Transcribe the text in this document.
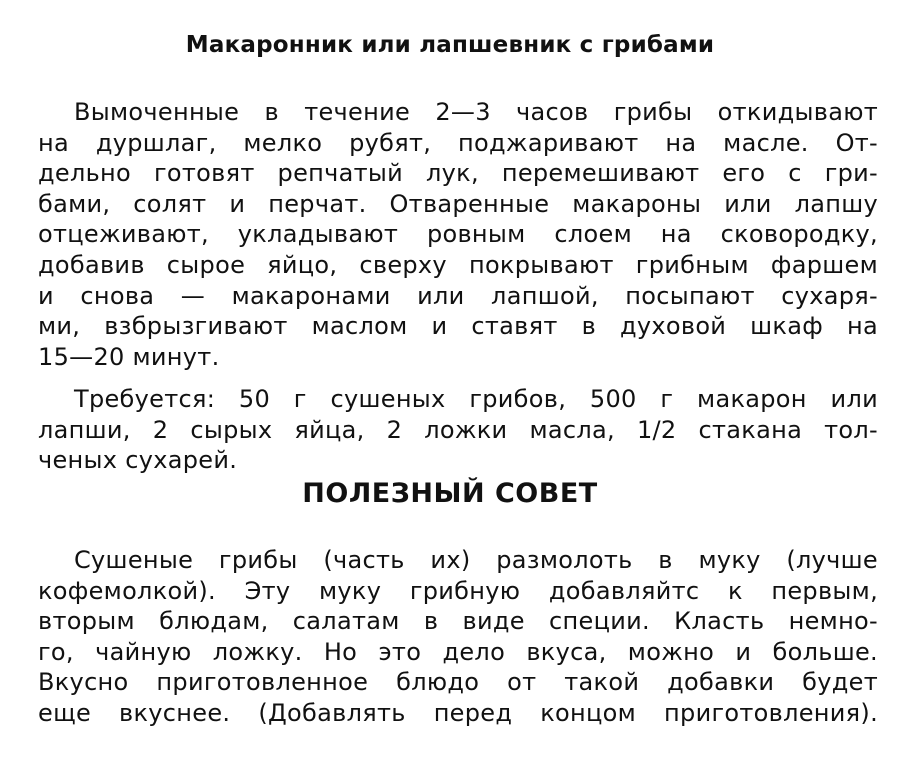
Макаронник или лапшевник с грибами
Вымоченные в течение 2—3 часов грибы откидывают
на дуршлаг, мелко рубят, поджаривают на масле. От-
дельно готовят репчатый лук, перемешивают его с гри-
бами, солят и перчат. Отваренные макароны или лапшу
отцеживают, укладывают ровным слоем на сковородку,
добавив сырое яйцо, сверху покрывают грибным фаршем
и снова — макаронами или лапшой, посыпают сухаря-
ми, взбрызгивают маслом и ставят в духовой шкаф на
15—20 минут.
Требуется: 50 г сушеных грибов, 500 г макарон или
лапши, 2 сырых яйца, 2 ложки масла, 1/2 стакана тол-
ченых сухарей.
ПОЛЕЗНЫЙ СОВЕТ
Сушеные грибы (часть их) размолоть в муку (лучше
кофемолкой). Эту муку грибную добавляйтс к первым,
вторым блюдам, салатам в виде специи. Класть немно-
го, чайную ложку. Но это дело вкуса, можно и больше.
Вкусно приготовленное блюдо от такой добавки будет
еще вкуснее. (Добавлять перед концом приготовления).
